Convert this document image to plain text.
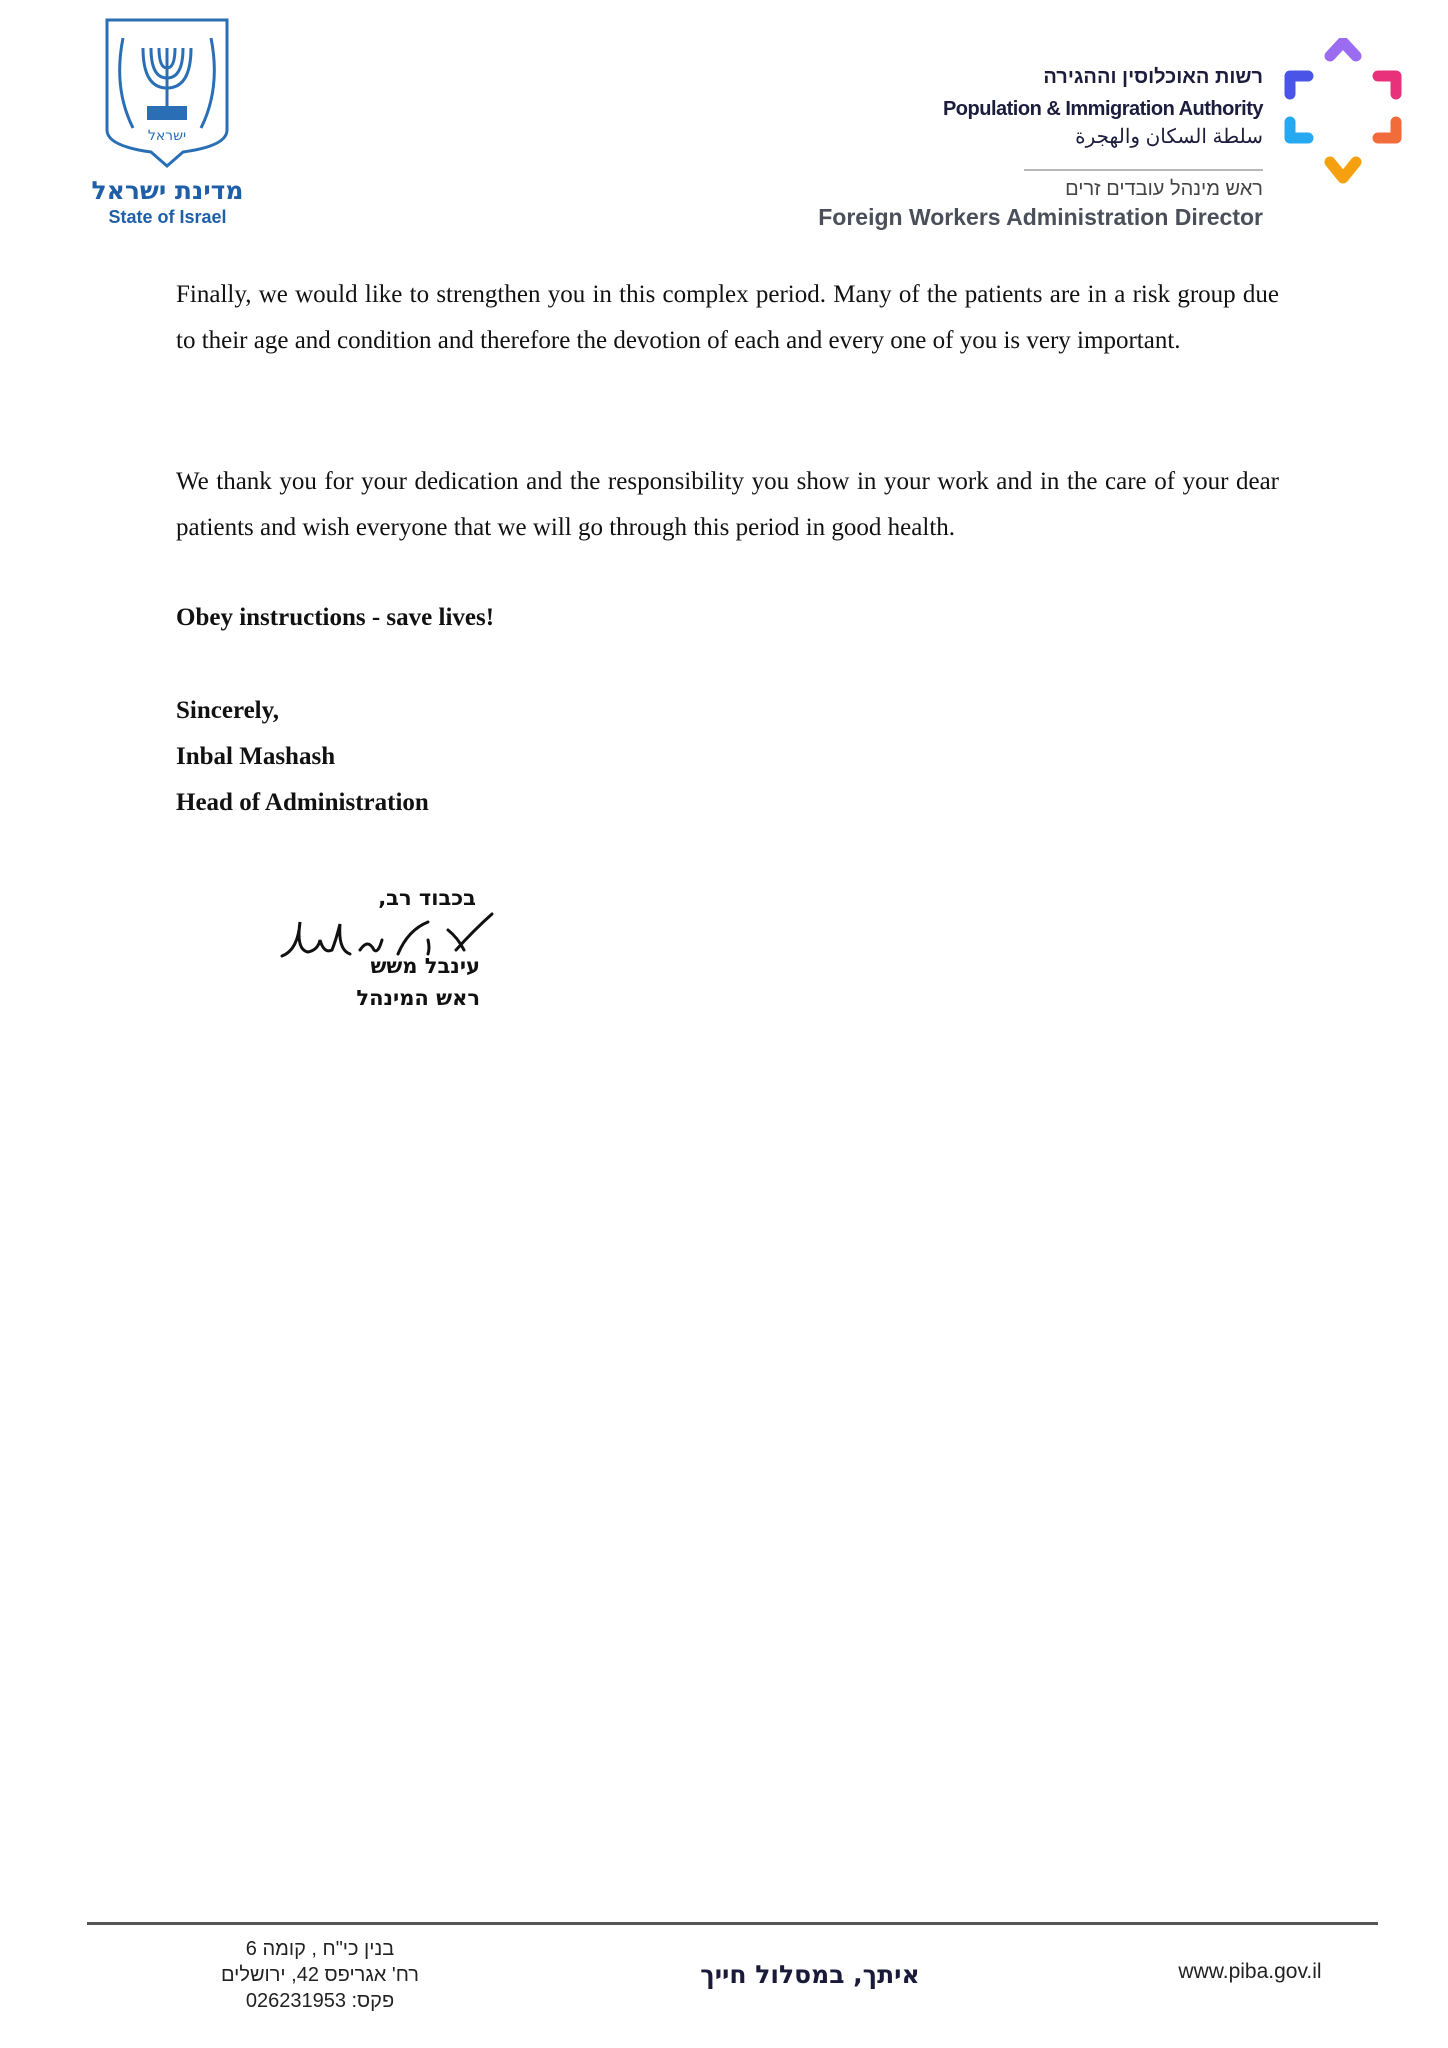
ישראל
מדינת ישראל
State of Israel
רשות האוכלוסין וההגירה
Population & Immigration Authority
سلطة السكان والهجرة
ראש מינהל עובדים זרים
Foreign Workers Administration Director
Finally, we would like to strengthen you in this complex period. Many of the patients are in a risk group due to their age and condition and therefore the devotion of each and every one of you is very important.
We thank you for your dedication and the responsibility you show in your work and in the care of your dear patients and wish everyone that we will go through this period in good health.
Obey instructions - save lives!
Sincerely,
Inbal Mashash
Head of Administration
בכבוד רב,
עינבל משש
ראש המינהל
בנין כי"ח , קומה 6
רח' אגריפס 42, ירושלים
פקס: 026231953
איתך, במסלול חייך	www.piba.gov.il
